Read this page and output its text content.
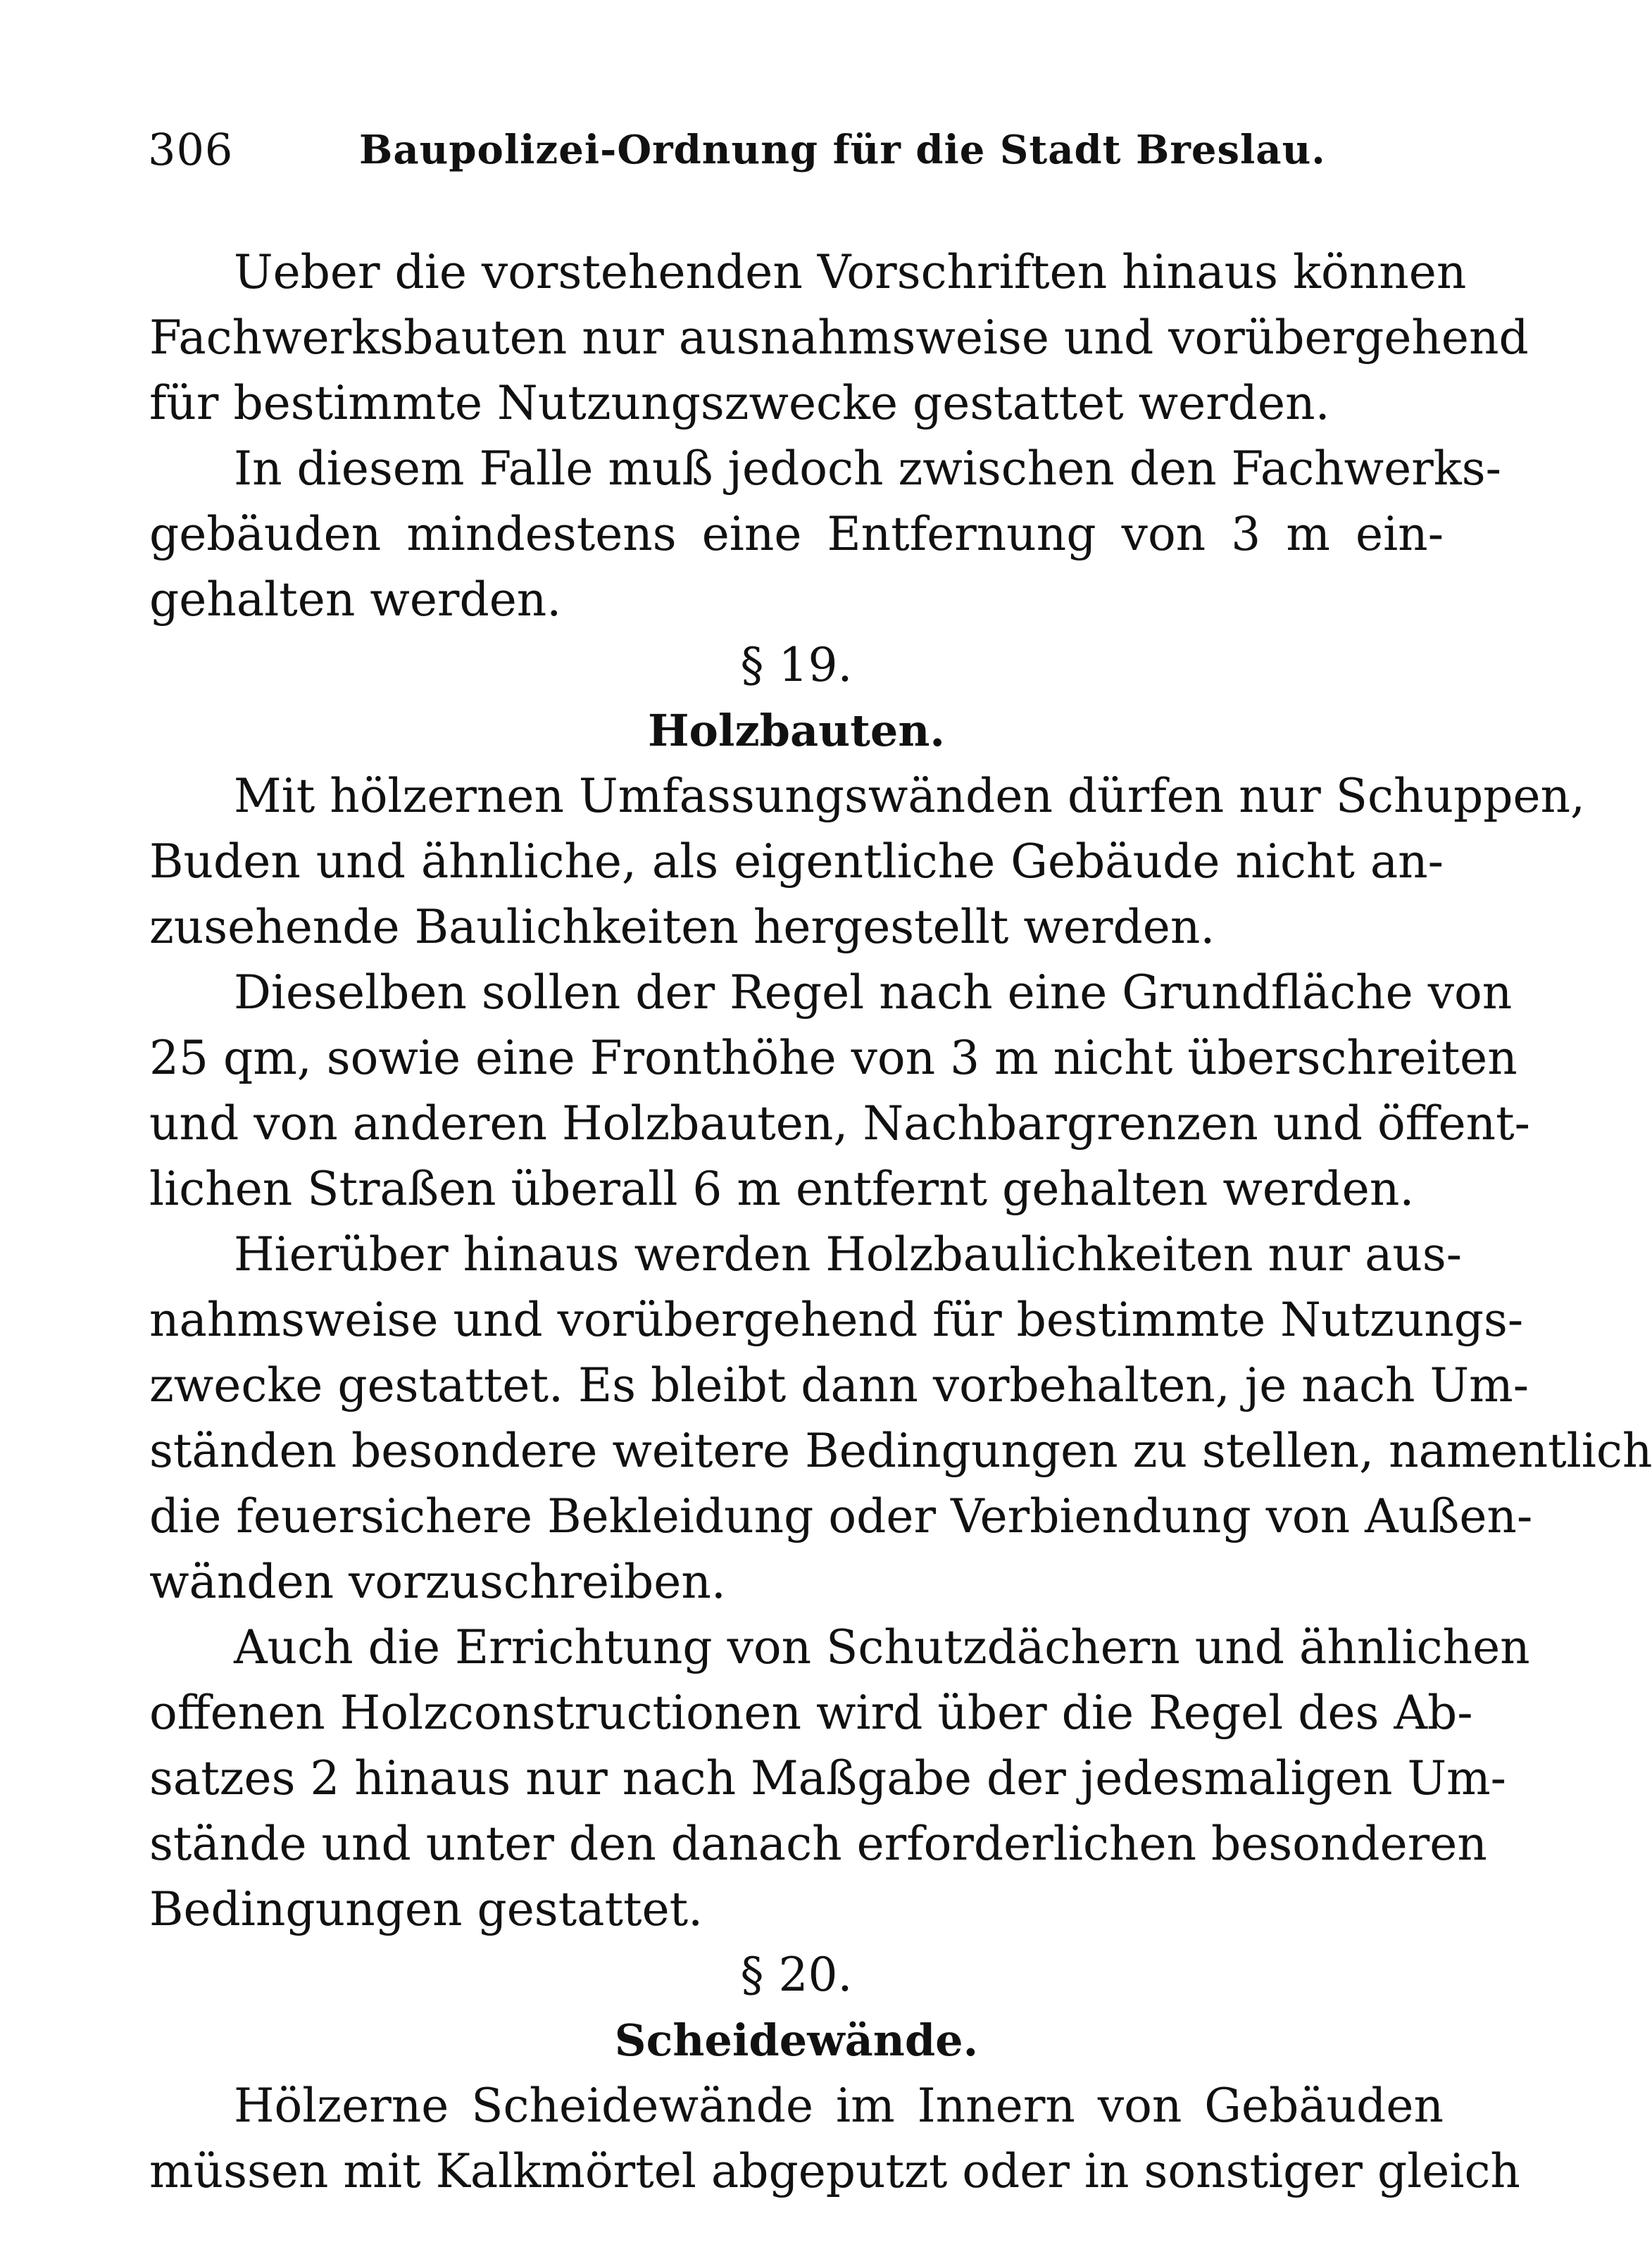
306	Baupolizei-Ordnung für die Stadt Breslau.
Ueber die vorstehenden Vorschriften hinaus können
Fachwerksbauten nur ausnahmsweise und vorübergehend
für bestimmte Nutzungszwecke gestattet werden.
In diesem Falle muß jedoch zwischen den Fachwerks-
gebäuden mindestens eine Entfernung von 3 m ein-
gehalten werden.
§ 19.
Holzbauten.
Mit hölzernen Umfassungswänden dürfen nur Schuppen,
Buden und ähnliche, als eigentliche Gebäude nicht an-
zusehende Baulichkeiten hergestellt werden.
Dieselben sollen der Regel nach eine Grundfläche von
25 qm, sowie eine Fronthöhe von 3 m nicht überschreiten
und von anderen Holzbauten, Nachbargrenzen und öffent-
lichen Straßen überall 6 m entfernt gehalten werden.
Hierüber hinaus werden Holzbaulichkeiten nur aus-
nahmsweise und vorübergehend für bestimmte Nutzungs-
zwecke gestattet. Es bleibt dann vorbehalten, je nach Um-
ständen besondere weitere Bedingungen zu stellen, namentlich
die feuersichere Bekleidung oder Verbiendung von Außen-
wänden vorzuschreiben.
Auch die Errichtung von Schutzdächern und ähnlichen
offenen Holzconstructionen wird über die Regel des Ab-
satzes 2 hinaus nur nach Maßgabe der jedesmaligen Um-
stände und unter den danach erforderlichen besonderen
Bedingungen gestattet.
§ 20.
Scheidewände.
Hölzerne Scheidewände im Innern von Gebäuden
müssen mit Kalkmörtel abgeputzt oder in sonstiger gleich
